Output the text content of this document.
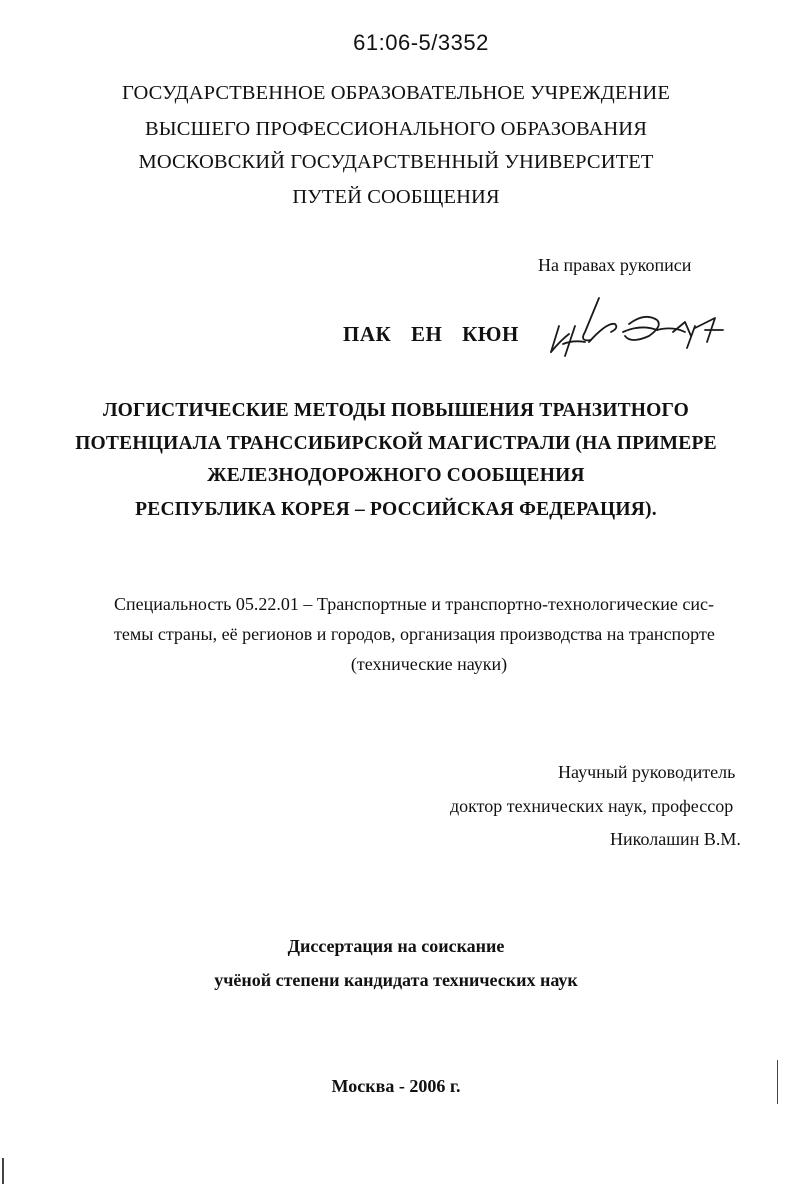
61:06-5/3352
ГОСУДАРСТВЕННОЕ ОБРАЗОВАТЕЛЬНОЕ УЧРЕЖДЕНИЕ
ВЫСШЕГО ПРОФЕССИОНАЛЬНОГО ОБРАЗОВАНИЯ
МОСКОВСКИЙ ГОСУДАРСТВЕННЫЙ УНИВЕРСИТЕТ
ПУТЕЙ СООБЩЕНИЯ
На правах рукописи
ПАК ЕН КЮН
ЛОГИСТИЧЕСКИЕ МЕТОДЫ ПОВЫШЕНИЯ ТРАНЗИТНОГО
ПОТЕНЦИАЛА ТРАНССИБИРСКОЙ МАГИСТРАЛИ (НА ПРИМЕРЕ
ЖЕЛЕЗНОДОРОЖНОГО СООБЩЕНИЯ
РЕСПУБЛИКА КОРЕЯ – РОССИЙСКАЯ ФЕДЕРАЦИЯ).
Специальность 05.22.01 – Транспортные и транспортно-технологические сис-
темы страны, её регионов и городов, организация производства на транспорте
(технические науки)
Научный руководитель
доктор технических наук, профессор
Николашин В.М.
Диссертация на соискание
учёной степени кандидата технических наук
Москва - 2006 г.
